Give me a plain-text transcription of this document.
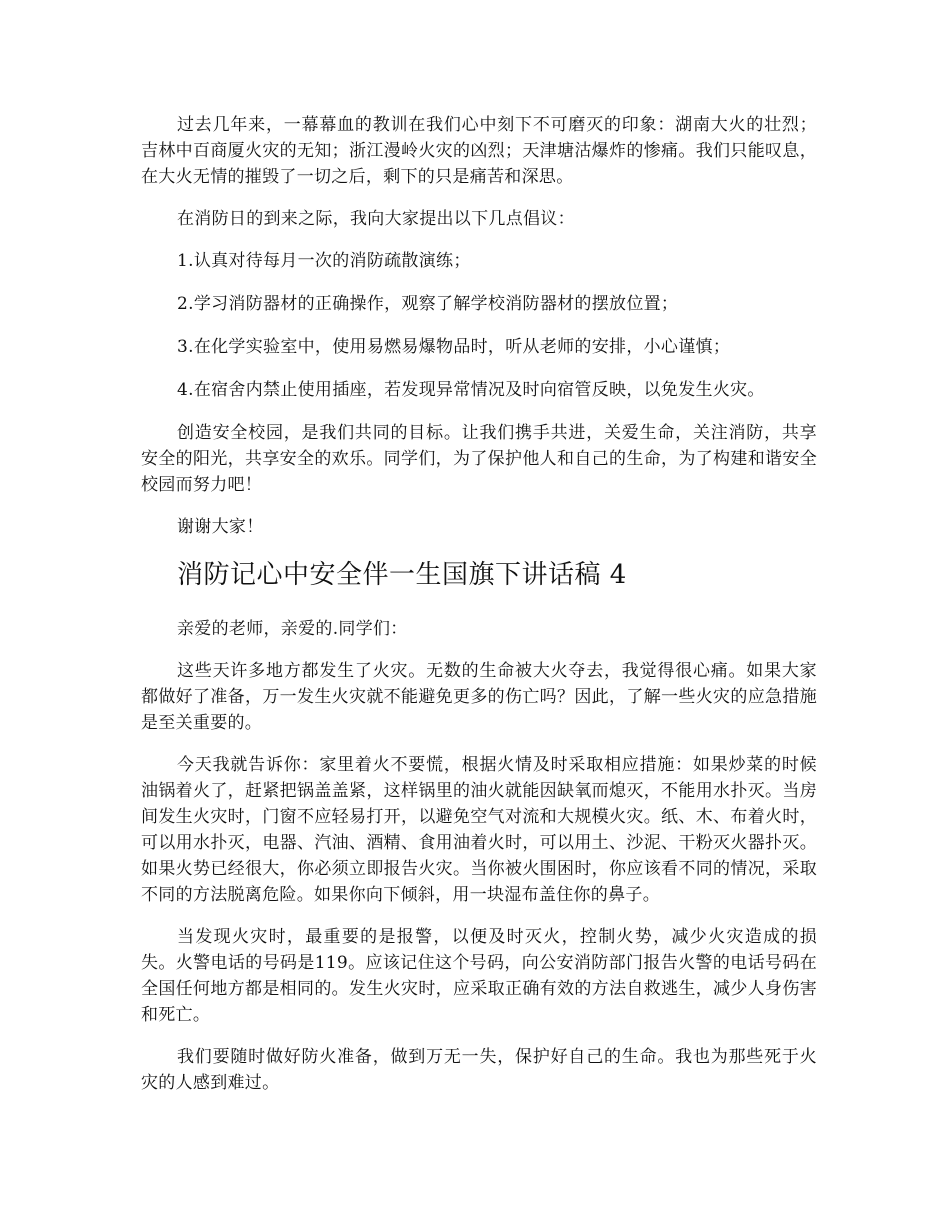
过去几年来，一幕幕血的教训在我们心中刻下不可磨灭的印象：湖南大火的壮烈；吉林中百商厦火灾的无知；浙江漫岭火灾的凶烈；天津塘沽爆炸的惨痛。我们只能叹息，在大火无情的摧毁了一切之后，剩下的只是痛苦和深思。

在消防日的到来之际，我向大家提出以下几点倡议：

1.认真对待每月一次的消防疏散演练；

2.学习消防器材的正确操作，观察了解学校消防器材的摆放位置；

3.在化学实验室中，使用易燃易爆物品时，听从老师的安排，小心谨慎；

4.在宿舍内禁止使用插座，若发现异常情况及时向宿管反映，以免发生火灾。

创造安全校园，是我们共同的目标。让我们携手共进，关爱生命，关注消防，共享安全的阳光，共享安全的欢乐。同学们，为了保护他人和自己的生命，为了构建和谐安全校园而努力吧！

谢谢大家！

消防记心中安全伴一生国旗下讲话稿 4

亲爱的老师，亲爱的.同学们：

这些天许多地方都发生了火灾。无数的生命被大火夺去，我觉得很心痛。如果大家都做好了准备，万一发生火灾就不能避免更多的伤亡吗？因此，了解一些火灾的应急措施是至关重要的。

今天我就告诉你：家里着火不要慌，根据火情及时采取相应措施：如果炒菜的时候油锅着火了，赶紧把锅盖盖紧，这样锅里的油火就能因缺氧而熄灭，不能用水扑灭。当房间发生火灾时，门窗不应轻易打开，以避免空气对流和大规模火灾。纸、木、布着火时，可以用水扑灭，电器、汽油、酒精、食用油着火时，可以用土、沙泥、干粉灭火器扑灭。如果火势已经很大，你必须立即报告火灾。当你被火围困时，你应该看不同的情况，采取不同的方法脱离危险。如果你向下倾斜，用一块湿布盖住你的鼻子。

当发现火灾时，最重要的是报警，以便及时灭火，控制火势，减少火灾造成的损失。火警电话的号码是119。应该记住这个号码，向公安消防部门报告火警的电话号码在全国任何地方都是相同的。发生火灾时，应采取正确有效的方法自救逃生，减少人身伤害和死亡。

我们要随时做好防火准备，做到万无一失，保护好自己的生命。我也为那些死于火灾的人感到难过。
